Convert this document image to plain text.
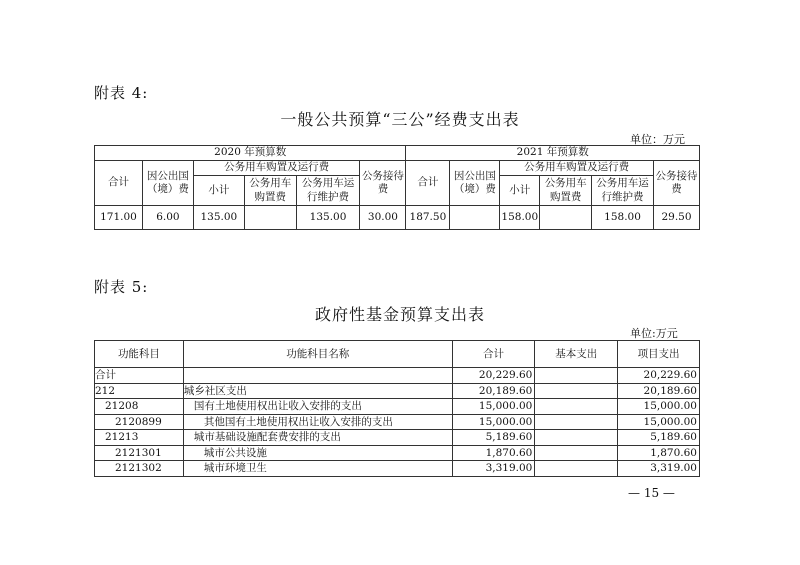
附表 4:
一般公共预算“三公”经费支出表
单位：万元
2020 年预算数						2021 年预算数					
合计	因公出国（境）费	公务用车购置及运行费			公务接待费	合计	因公出国（境）费	公务用车购置及运行费			公务接待费
		小计	公务用车购置费	公务用车运行维护费				小计	公务用车购置费	公务用车运行维护费	
171.00	6.00	135.00		135.00	30.00	187.50		158.00		158.00	29.50
附表 5:
政府性基金预算支出表
单位:万元
功能科目	功能科目名称	合计	基本支出	项目支出
合计		20,229.60		20,229.60
212	城乡社区支出	20,189.60		20,189.60
21208	国有土地使用权出让收入安排的支出	15,000.00		15,000.00
2120899	其他国有土地使用权出让收入安排的支出	15,000.00		15,000.00
21213	城市基础设施配套费安排的支出	5,189.60		5,189.60
2121301	城市公共设施	1,870.60		1,870.60
2121302	城市环境卫生	3,319.00		3,319.00
— 15 —
